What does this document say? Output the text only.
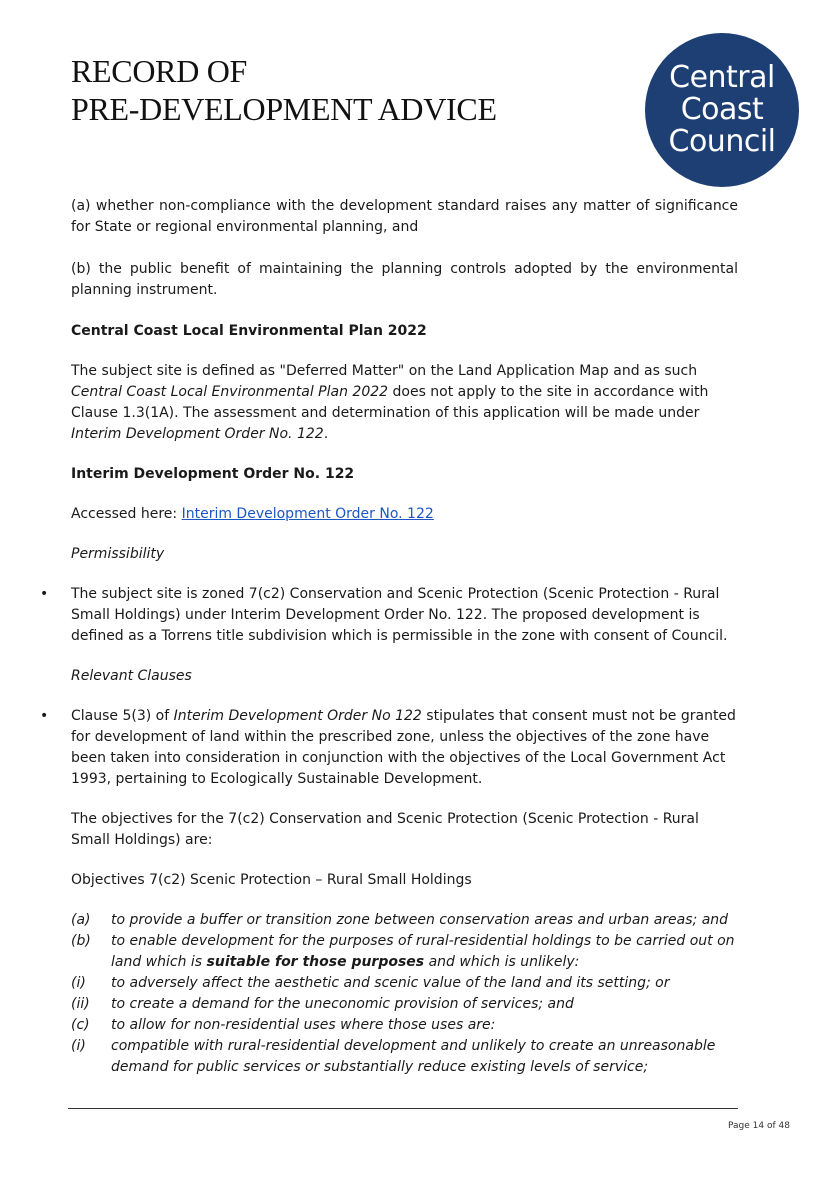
RECORD OF
PRE-DEVELOPMENT ADVICE
Central
Coast
Council

(a) whether non-compliance with the development standard raises any matter of significance for State or regional environmental planning, and

(b) the public benefit of maintaining the planning controls adopted by the environmental planning instrument.

Central Coast Local Environmental Plan 2022

The subject site is defined as "Deferred Matter" on the Land Application Map and as such Central Coast Local Environmental Plan 2022 does not apply to the site in accordance with Clause 1.3(1A). The assessment and determination of this application will be made under Interim Development Order No. 122.

Interim Development Order No. 122

Accessed here: Interim Development Order No. 122

Permissibility

• The subject site is zoned 7(c2) Conservation and Scenic Protection (Scenic Protection - Rural Small Holdings) under Interim Development Order No. 122. The proposed development is defined as a Torrens title subdivision which is permissible in the zone with consent of Council.

Relevant Clauses

• Clause 5(3) of Interim Development Order No 122 stipulates that consent must not be granted for development of land within the prescribed zone, unless the objectives of the zone have been taken into consideration in conjunction with the objectives of the Local Government Act 1993, pertaining to Ecologically Sustainable Development.

The objectives for the 7(c2) Conservation and Scenic Protection (Scenic Protection - Rural Small Holdings) are:

Objectives 7(c2) Scenic Protection – Rural Small Holdings

(a) to provide a buffer or transition zone between conservation areas and urban areas; and
(b) to enable development for the purposes of rural-residential holdings to be carried out on land which is suitable for those purposes and which is unlikely:
(i) to adversely affect the aesthetic and scenic value of the land and its setting; or
(ii) to create a demand for the uneconomic provision of services; and
(c) to allow for non-residential uses where those uses are:
(i) compatible with rural-residential development and unlikely to create an unreasonable demand for public services or substantially reduce existing levels of service;
Page 14 of 48
